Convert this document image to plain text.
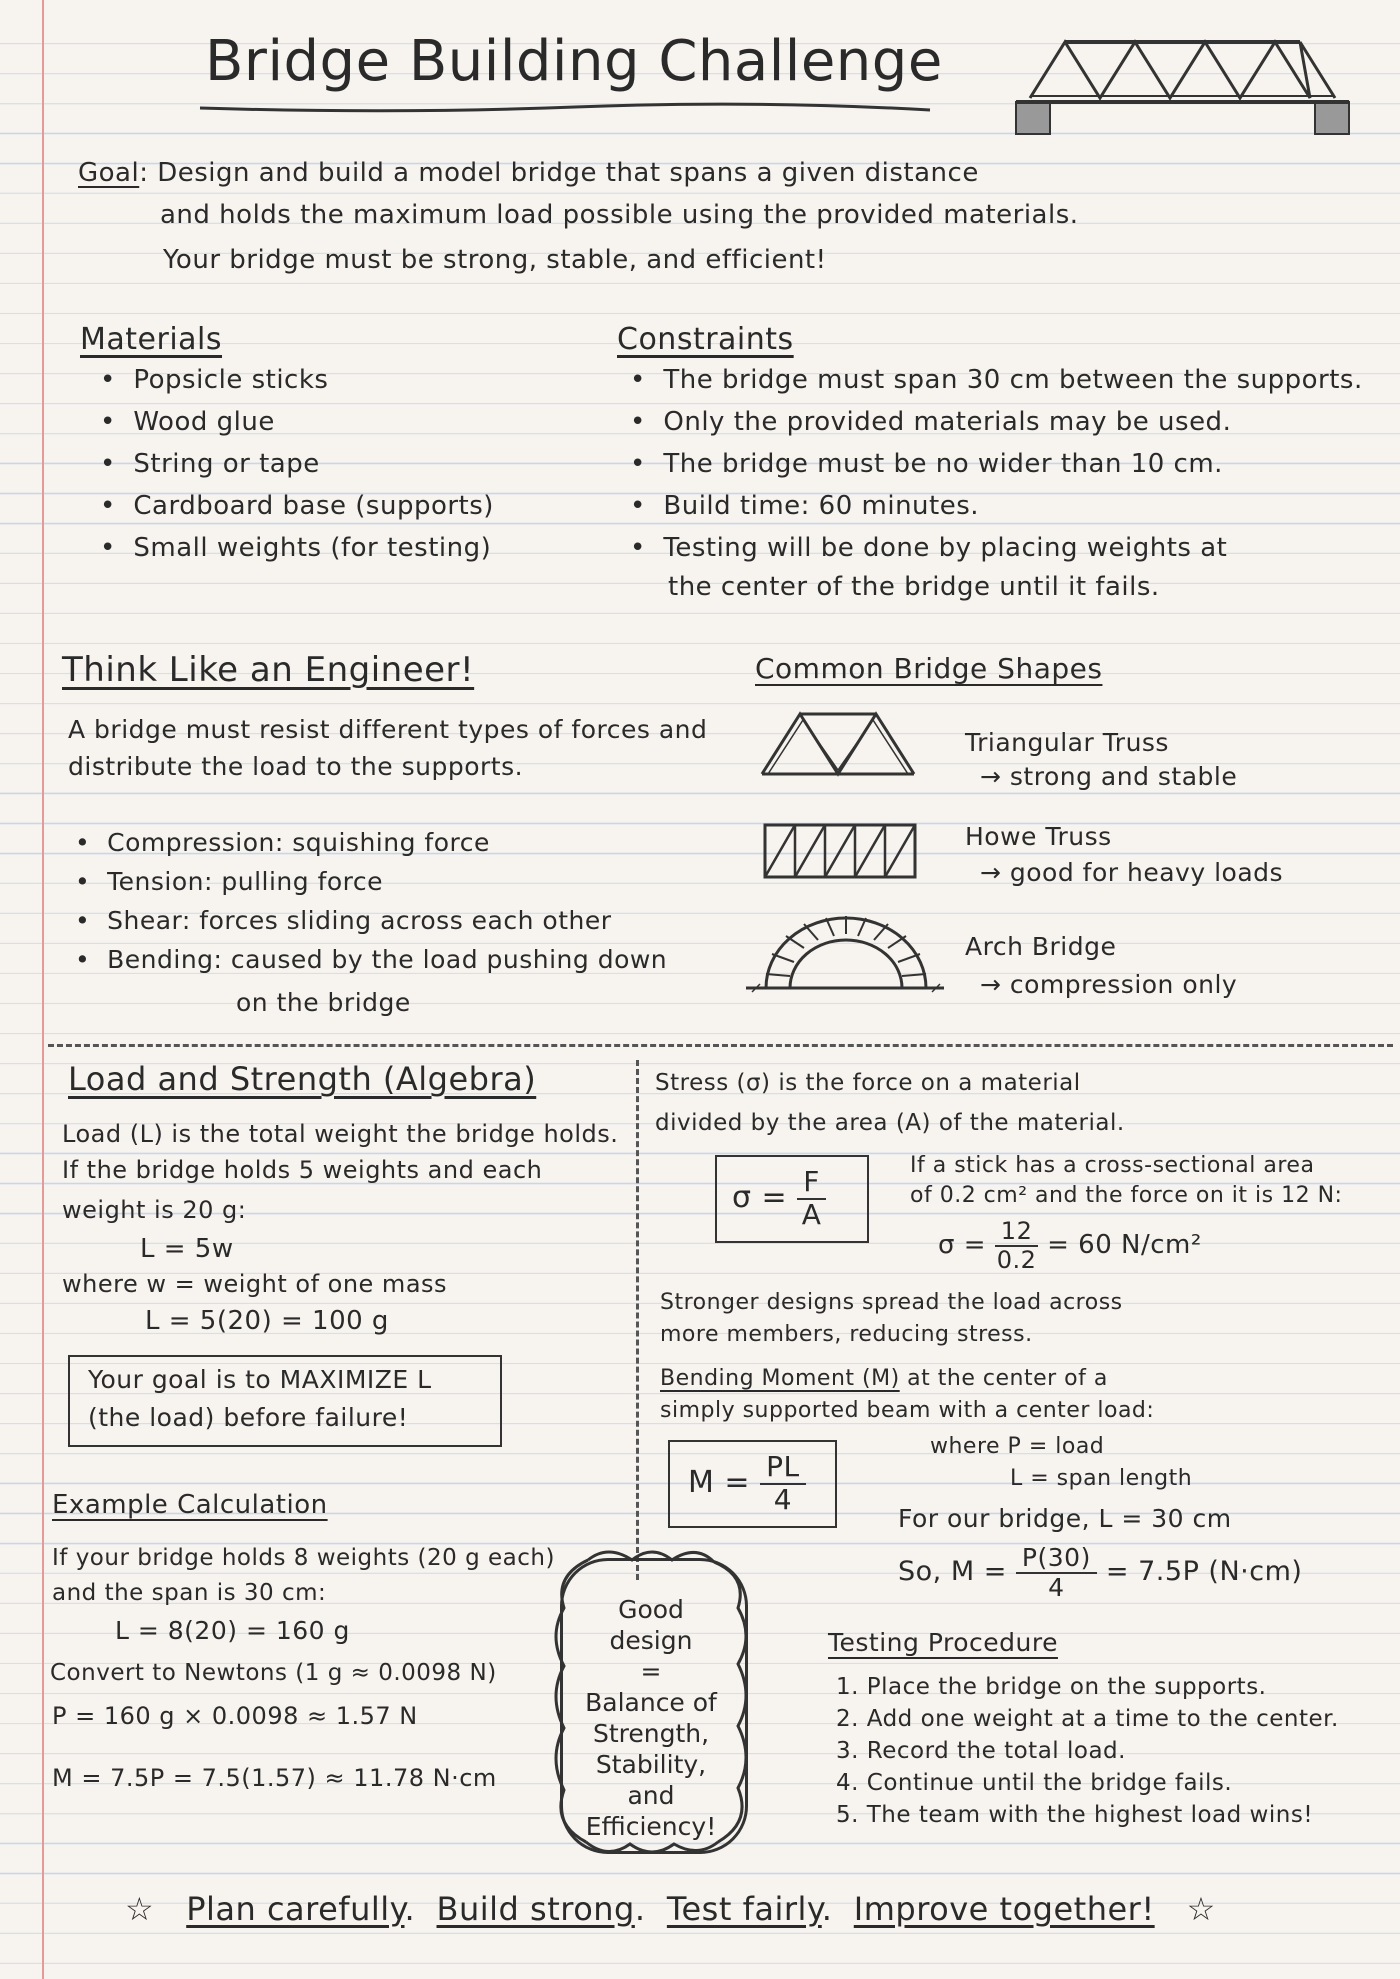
Bridge Building Challenge
Goal: Design and build a model bridge that spans a given distance
and holds the maximum load possible using the provided materials.
Your bridge must be strong, stable, and efficient!
Materials
•  Popsicle sticks
•  Wood glue
•  String or tape
•  Cardboard base (supports)
•  Small weights (for testing)
Constraints
•  The bridge must span 30 cm between the supports.
•  Only the provided materials may be used.
•  The bridge must be no wider than 10 cm.
•  Build time: 60 minutes.
•  Testing will be done by placing weights at
the center of the bridge until it fails.
Think Like an Engineer!
A bridge must resist different types of forces and
distribute the load to the supports.
•  Compression: squishing force
•  Tension: pulling force
•  Shear: forces sliding across each other
•  Bending: caused by the load pushing down
on the bridge
Common Bridge Shapes
Triangular Truss
→ strong and stable
Howe Truss
→ good for heavy loads
Arch Bridge
→ compression only
Load and Strength (Algebra)
Load (L) is the total weight the bridge holds.
If the bridge holds 5 weights and each
weight is 20 g:
L = 5w
where w = weight of one mass
L = 5(20) = 100 g
Your goal is to MAXIMIZE L
(the load) before failure!
Example Calculation
If your bridge holds 8 weights (20 g each)
and the span is 30 cm:
L = 8(20) = 160 g
Convert to Newtons (1 g ≈ 0.0098 N)
P = 160 g × 0.0098 ≈ 1.57 N
M = 7.5P = 7.5(1.57) ≈ 11.78 N·cm
Stress (σ) is the force on a material
divided by the area (A) of the material.
$\sigma = \frac{F}{A}$
If a stick has a cross-sectional area
of 0.2 cm² and the force on it is 12 N:
$\sigma = \frac{12}{0.2} = 60$ N/cm²
Stronger designs spread the load across
more members, reducing stress.
Bending Moment (M) at the center of a
simply supported beam with a center load:
$M = \frac{PL}{4}$
where P = load
L = span length
For our bridge, L = 30 cm
So, $M = \frac{P(30)}{4} = 7.5P$ (N·cm)
Good
design
=
Balance of
Strength,
Stability,
and
Efficiency!
Testing Procedure
1. Place the bridge on the supports.
2. Add one weight at a time to the center.
3. Record the total load.
4. Continue until the bridge fails.
5. The team with the highest load wins!
☆ Plan carefully.  Build strong.  Test fairly.  Improve together! ☆
